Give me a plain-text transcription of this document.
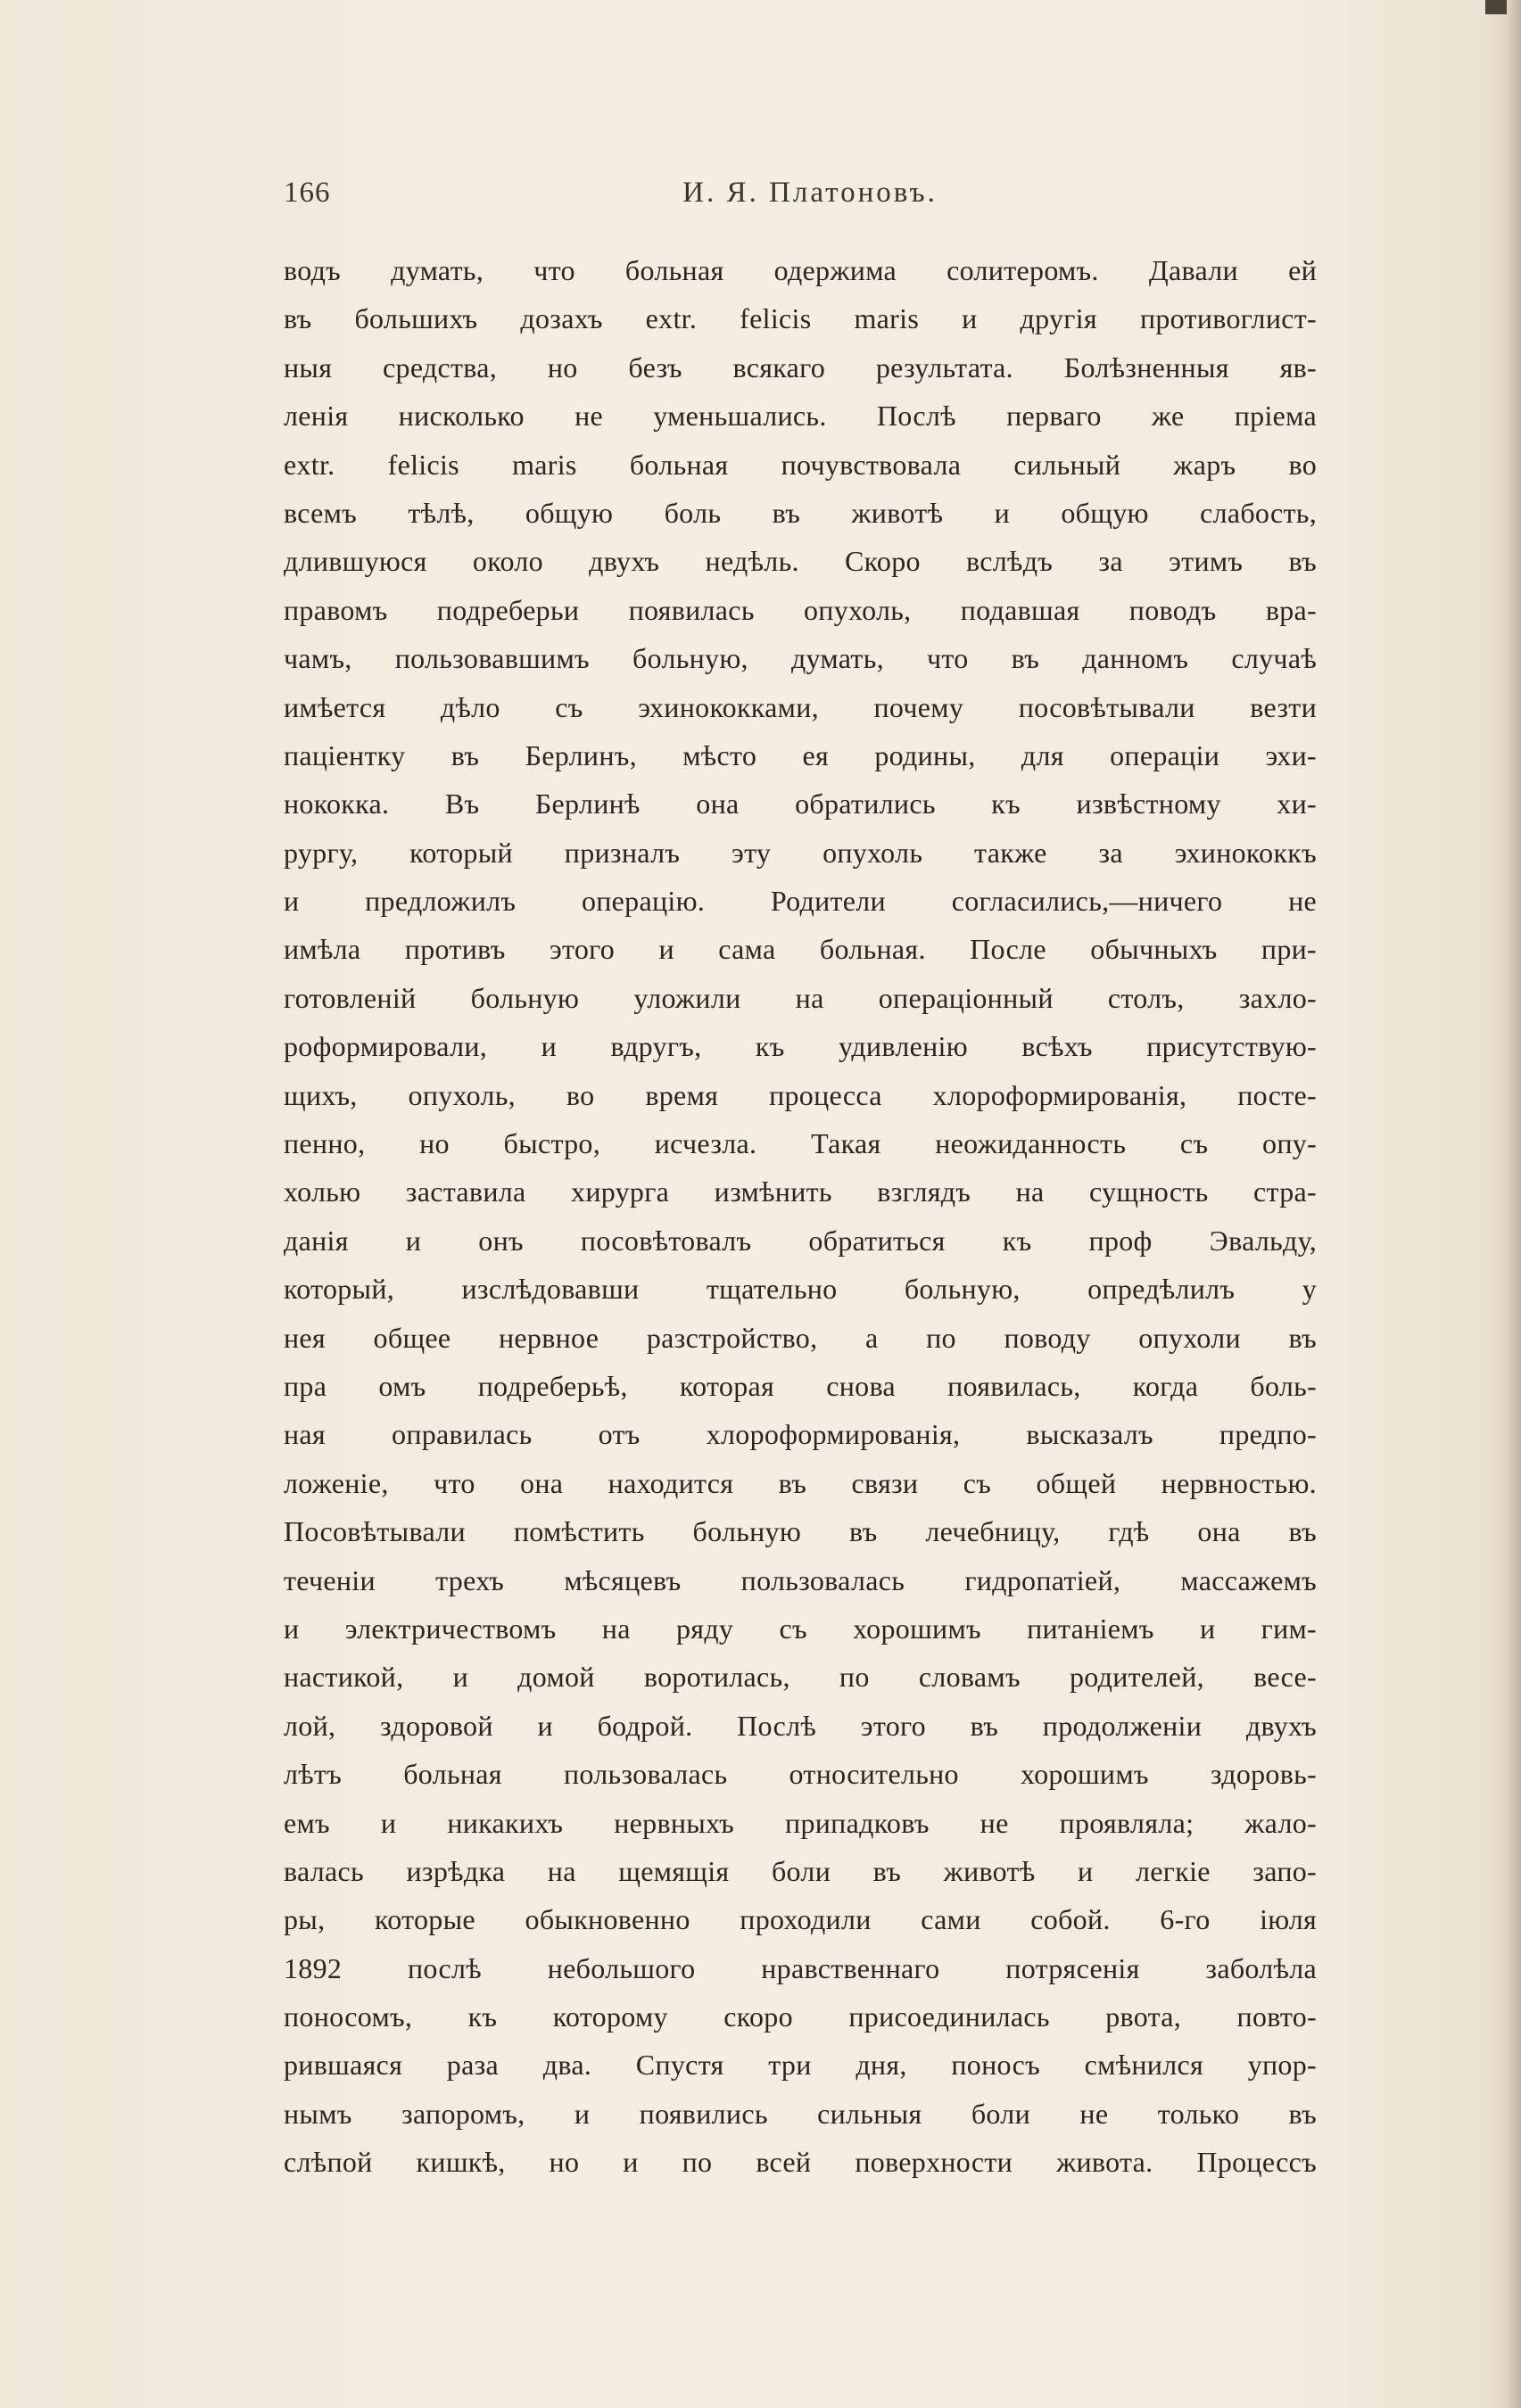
166	И. Я. Платоновъ.
водъ думать, что больная одержима солитеромъ. Давали ей
въ большихъ дозахъ extr. felicis maris и другія противоглист-
ныя средства, но безъ всякаго результата. Болѣзненныя яв-
ленія нисколько не уменьшались. Послѣ перваго же пріема
extr. felicis maris больная почувствовала сильный жаръ во
всемъ тѣлѣ, общую боль въ животѣ и общую слабость,
длившуюся около двухъ недѣль. Скоро вслѣдъ за этимъ въ
правомъ подреберьи появилась опухоль, подавшая поводъ вра-
чамъ, пользовавшимъ больную, думать, что въ данномъ случаѣ
имѣется дѣло съ эхинококками, почему посовѣтывали везти
паціентку въ Берлинъ, мѣсто ея родины, для операціи эхи-
нококка. Въ Берлинѣ она обратились къ извѣстному хи-
рургу, который призналъ эту опухоль также за эхинококкъ
и предложилъ операцію. Родители согласились,—ничего не
имѣла противъ этого и сама больная. После обычныхъ при-
готовленій больную уложили на операціонный столъ, захло-
роформировали, и вдругъ, къ удивленію всѣхъ присутствую-
щихъ, опухоль, во время процесса хлороформированія, посте-
пенно, но быстро, исчезла. Такая неожиданность съ опу-
холью заставила хирурга измѣнить взглядъ на сущность стра-
данія и онъ посовѣтовалъ обратиться къ проф Эвальду,
который, изслѣдовавши тщательно больную, опредѣлилъ у
нея общее нервное разстройство, а по поводу опухоли въ
пра омъ подреберьѣ, которая снова появилась, когда боль-
ная оправилась отъ хлороформированія, высказалъ предпо-
ложеніе, что она находится въ связи съ общей нервностью.
Посовѣтывали помѣстить больную въ лечебницу, гдѣ она въ
теченіи трехъ мѣсяцевъ пользовалась гидропатіей, массажемъ
и электричествомъ на ряду съ хорошимъ питаніемъ и гим-
настикой, и домой воротилась, по словамъ родителей, весе-
лой, здоровой и бодрой. Послѣ этого въ продолженіи двухъ
лѣтъ больная пользовалась относительно хорошимъ здоровь-
емъ и никакихъ нервныхъ припадковъ не проявляла; жало-
валась изрѣдка на щемящія боли въ животѣ и легкіе запо-
ры, которые обыкновенно проходили сами собой. 6-го іюля
1892 послѣ небольшого нравственнаго потрясенія заболѣла
поносомъ, къ которому скоро присоединилась рвота, повто-
рившаяся раза два. Спустя три дня, поносъ смѣнился упор-
нымъ запоромъ, и появились сильныя боли не только въ
слѣпой кишкѣ, но и по всей поверхности живота. Процессъ
